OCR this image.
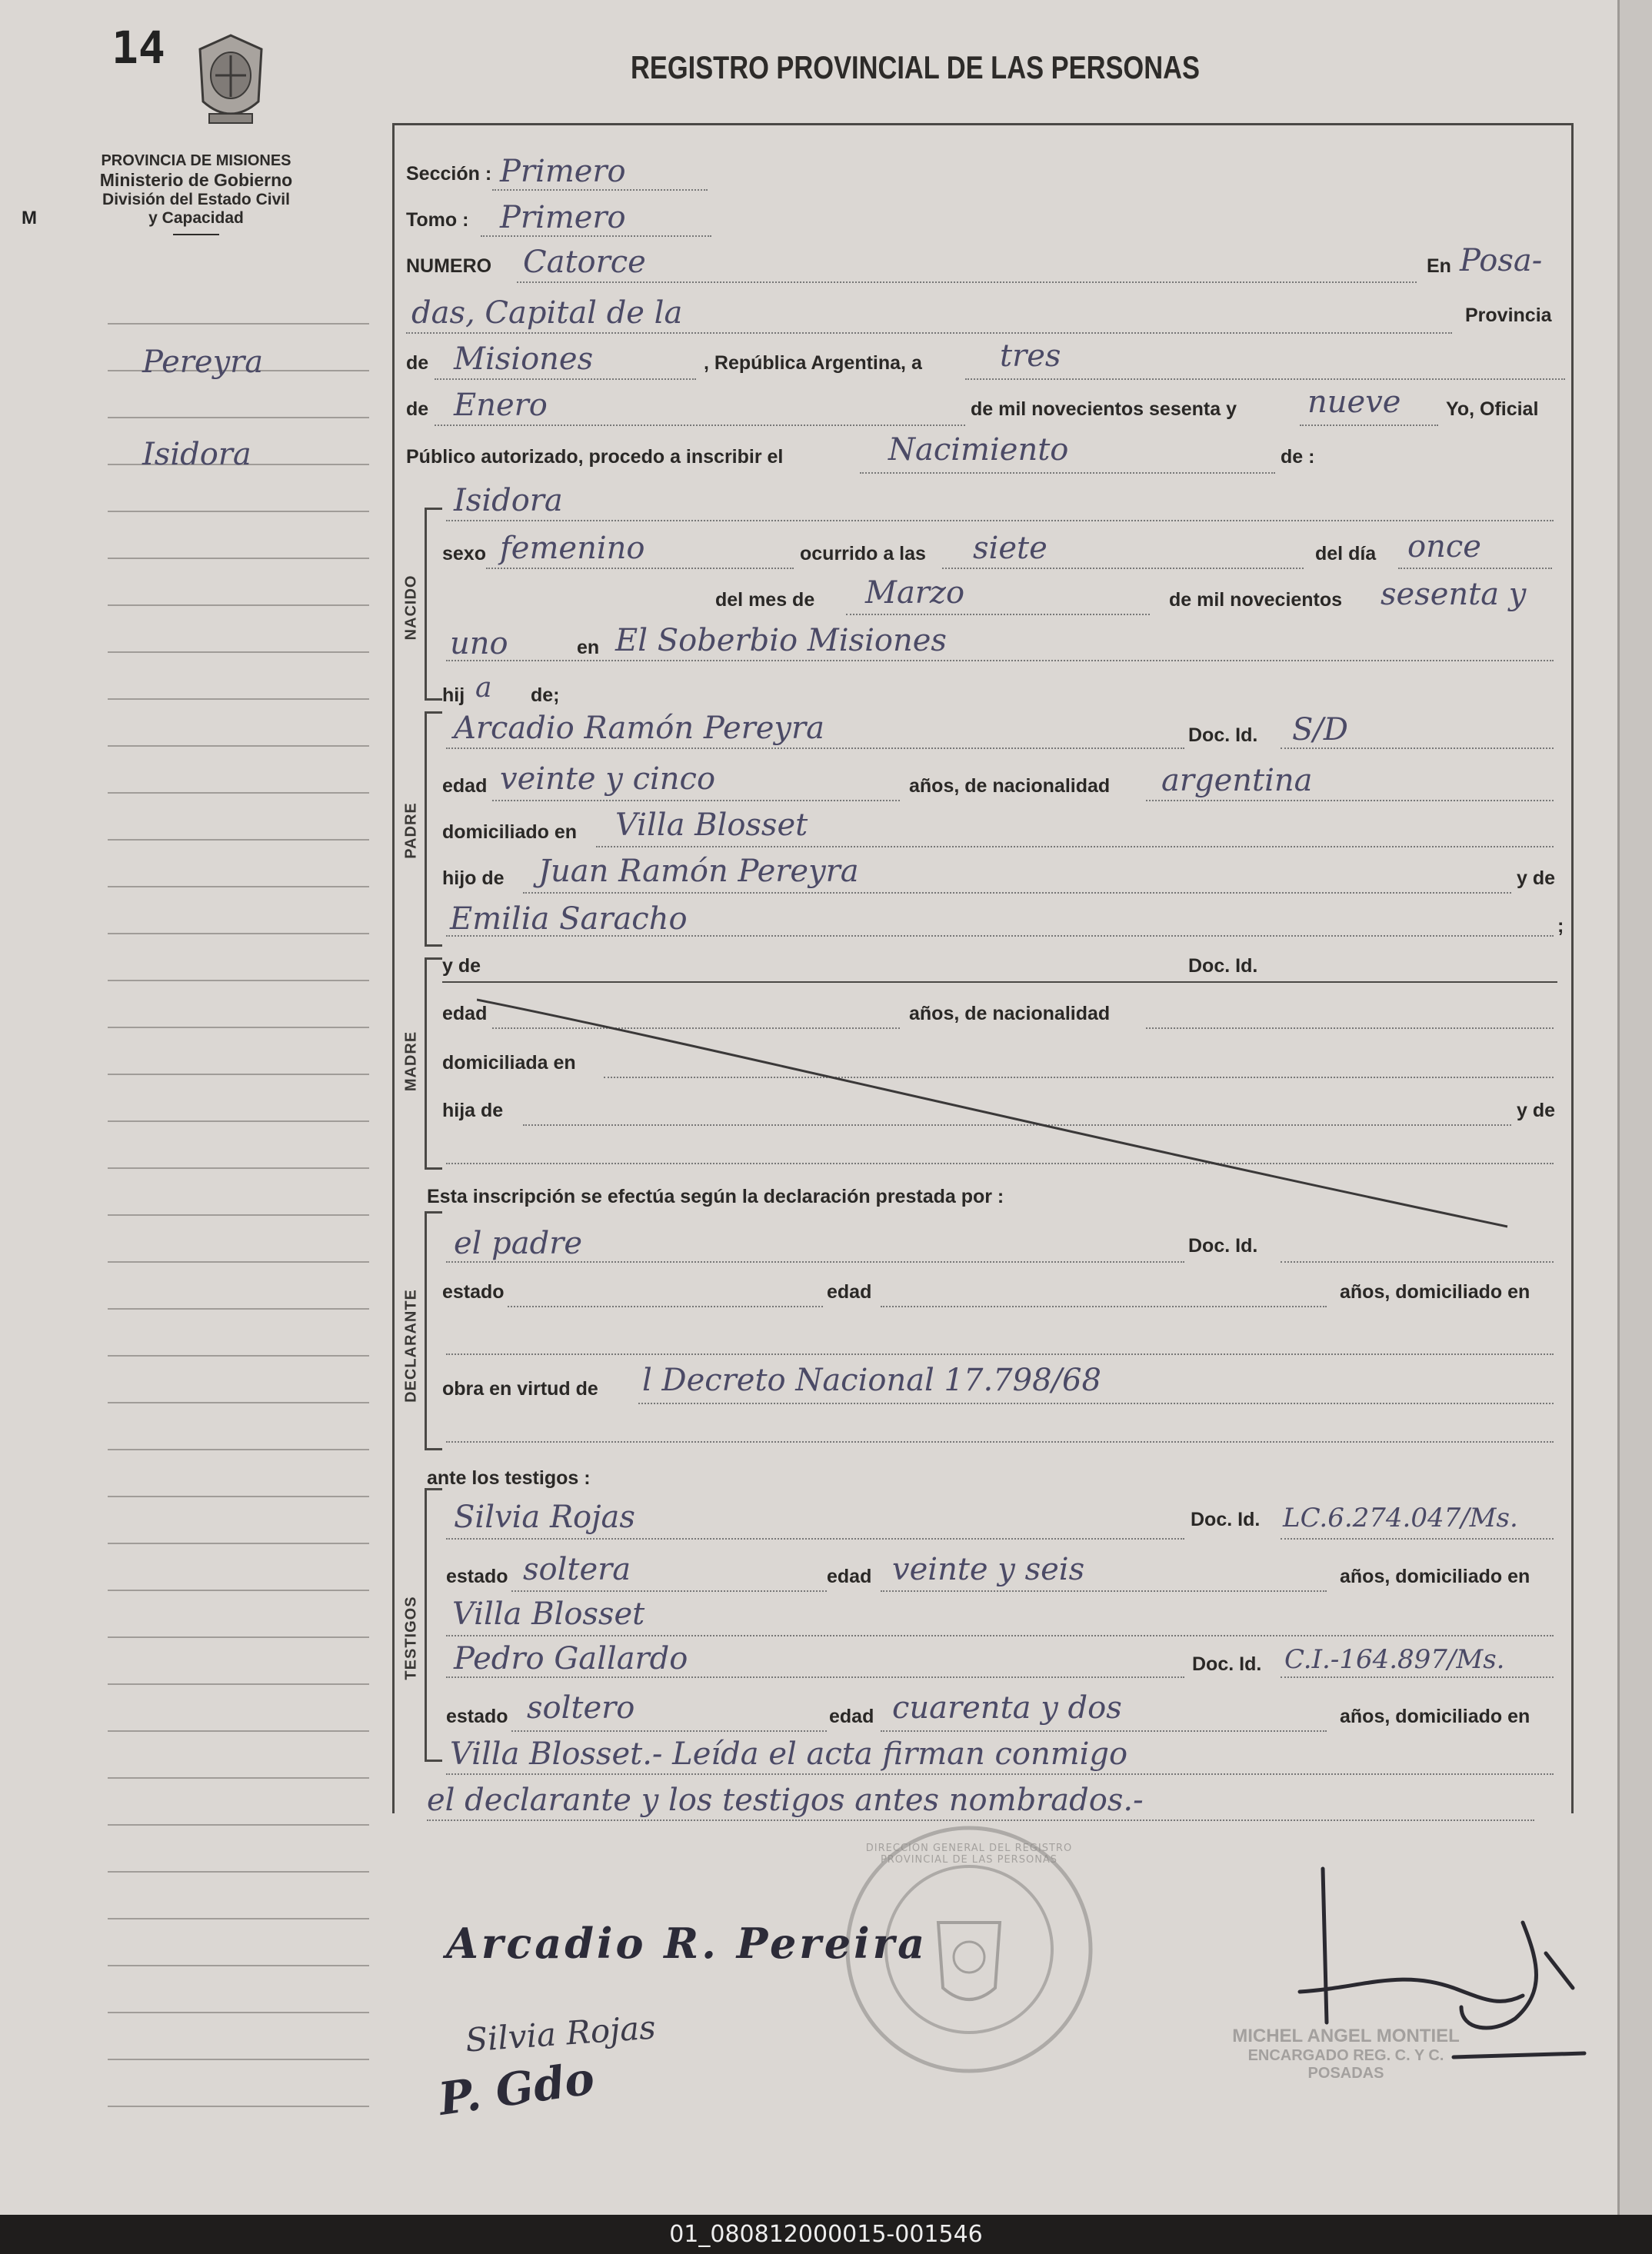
14	REGISTRO PROVINCIAL DE LAS PERSONAS
PROVINCIA DE MISIONES
Ministerio de Gobierno
División del Estado Civil
y Capacidad
M
Pereyra
Isidora
NACIDO
PADRE
MADRE
DECLARANTE
TESTIGOS
Sección : Primero
Tomo : Primero
NUMERO Catorce	En Posa-
das, Capital de la	Provincia
de Misiones	, República Argentina, a	tres
de Enero	de mil novecientos sesenta y nueve Yo, Oficial
Público autorizado, procedo a inscribir el	Nacimiento	de :
Isidora
sexo femenino	ocurrido a las siete	del día once
del mes de Marzo	de mil novecientos sesenta y
uno	en El Soberbio Misiones
hij a de;
Arcadio Ramón Pereyra	Doc. Id. S/D
edad veinte y cinco	años, de nacionalidad argentina
domiciliado en Villa Blosset
hijo de Juan Ramón Pereyra	y de
Emilia Saracho	;
y de	Doc. Id.
edad	años, de nacionalidad
domiciliada en
hija de	y de
Esta inscripción se efectúa según la declaración prestada por :
el padre	Doc. Id.
estado	edad	años, domiciliado en
obra en virtud de l Decreto Nacional 17.798/68
ante los testigos :
Silvia Rojas	Doc. Id. LC.6.274.047/Ms.
estado soltera	edad veinte y seis	años, domiciliado en
Villa Blosset
Pedro Gallardo	Doc. Id. C.I.-164.897/Ms.
estado soltero	edad cuarenta y dos	años, domiciliado en
Villa Blosset.- Leída el acta firman conmigo
el declarante y los testigos antes nombrados.-
DIRECCION GENERAL DEL REGISTRO PROVINCIAL DE LAS PERSONAS
Arcadio R. Pereira
Silvia Rojas
P. Gdo
MICHEL ANGEL MONTIEL
ENCARGADO REG. C. Y C.
POSADAS
01_080812000015-001546
